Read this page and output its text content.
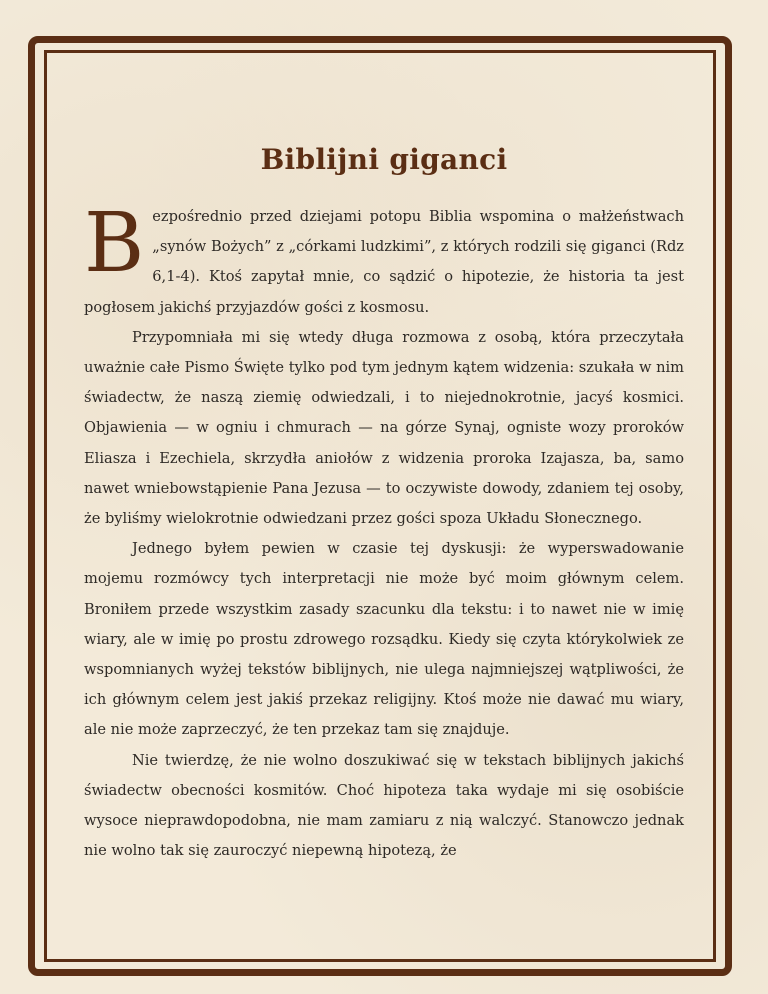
Biblijni giganci

B ezpośrednio przed dziejami potopu Biblia wspomina o małżeństwach „synów Bożych” z „córkami ludzkimi”, z których rodzili się giganci (Rdz 6,1-4). Ktoś zapytał mnie, co sądzić o hipotezie, że historia ta jest pogłosem jakichś przyjazdów gości z kosmosu.

Przypomniała mi się wtedy długa rozmowa z osobą, która przeczytała uważnie całe Pismo Święte tylko pod tym jednym kątem widzenia: szukała w nim świadectw, że naszą ziemię odwiedzali, i to niejednokrotnie, jacyś kosmici. Objawienia — w ogniu i chmurach — na górze Synaj, ogniste wozy proroków Eliasza i Ezechiela, skrzydła aniołów z widzenia proroka Izajasza, ba, samo nawet wniebowstąpienie Pana Jezusa — to oczywiste dowody, zdaniem tej osoby, że byliśmy wielokrotnie odwiedzani przez gości spoza Układu Słonecznego.

Jednego byłem pewien w czasie tej dyskusji: że wyperswadowanie mojemu rozmówcy tych interpretacji nie może być moim głównym celem. Broniłem przede wszystkim zasady szacunku dla tekstu: i to nawet nie w imię wiary, ale w imię po prostu zdrowego rozsądku. Kiedy się czyta którykolwiek ze wspomnianych wyżej tekstów biblijnych, nie ulega najmniejszej wątpliwości, że ich głównym celem jest jakiś przekaz religijny. Ktoś może nie dawać mu wiary, ale nie może zaprzeczyć, że ten przekaz tam się znajduje.

Nie twierdzę, że nie wolno doszukiwać się w tekstach biblijnych jakichś świadectw obecności kosmitów. Choć hipoteza taka wydaje mi się osobiście wysoce nieprawdopodobna, nie mam zamiaru z nią walczyć. Stanowczo jednak nie wolno tak się zauroczyć niepewną hipotezą, że
